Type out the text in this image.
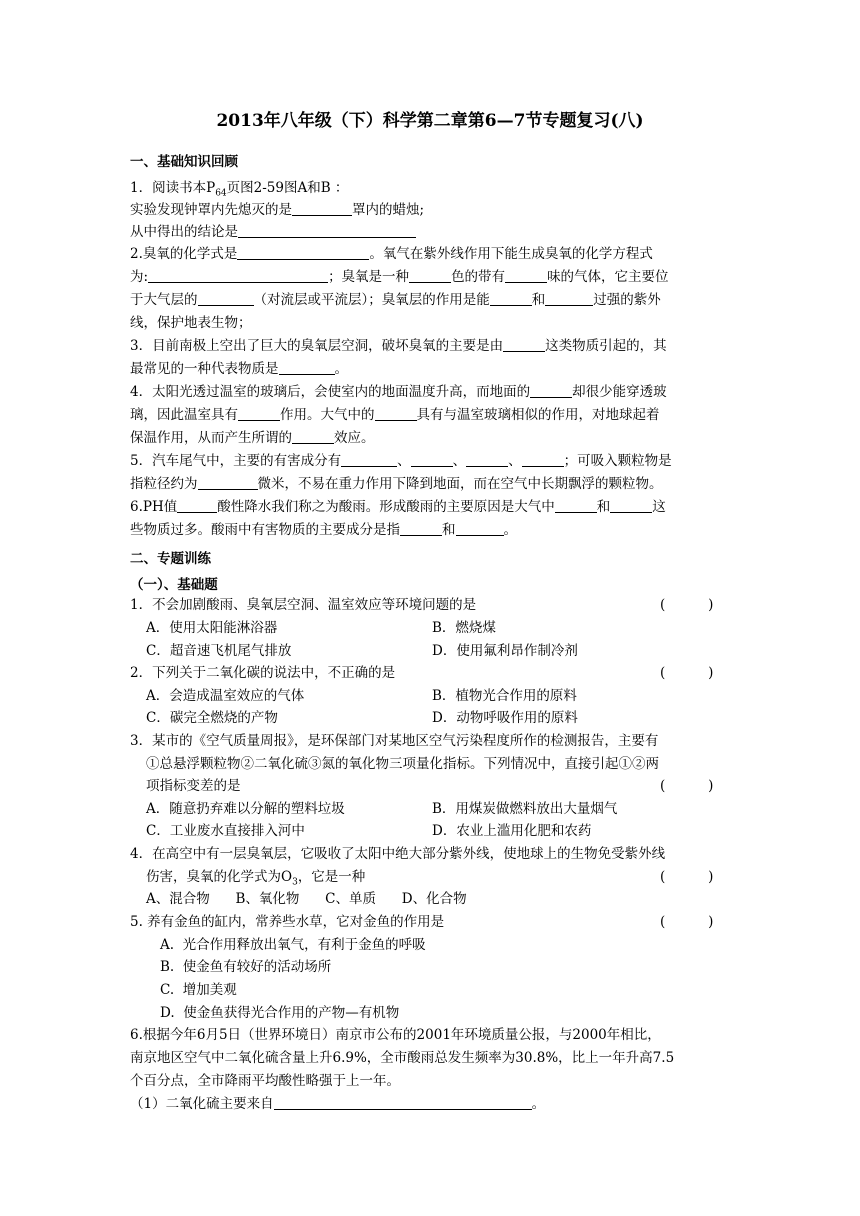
2013年八年级（下）科学第二章第6—7节专题复习(八)
一、基础知识回顾
1．阅读书本$P_{64}$页图2-59图A和B ：
实验发现钟罩内先熄灭的是	罩内的蜡烛;
从中得出的结论是
2.臭氧的化学式是	。氧气在紫外线作用下能生成臭氧的化学方程式
为:	；臭氧是一种	色的带有	味的气体，它主要位
于大气层的	（对流层或平流层）；臭氧层的作用是能	和	过强的紫外
线，保护地表生物；
3．目前南极上空出了巨大的臭氧层空洞，破坏臭氧的主要是由	这类物质引起的，其
最常见的一种代表物质是	。
4．太阳光透过温室的玻璃后，会使室内的地面温度升高，而地面的	却很少能穿透玻
璃，因此温室具有	作用。大气中的	具有与温室玻璃相似的作用，对地球起着
保温作用，从而产生所谓的	效应。
5．汽车尾气中，主要的有害成分有	、	、	、	；可吸入颗粒物是
指粒径约为	微米，不易在重力作用下降到地面，而在空气中长期飘浮的颗粒物。
6.PH值	酸性降水我们称之为酸雨。形成酸雨的主要原因是大气中	和	这
些物质过多。酸雨中有害物质的主要成分是指	和	。
二、专题训练
（一）、基础题
1．不会加剧酸雨、臭氧层空洞、温室效应等环境问题的是	(          )
A．使用太阳能淋浴器	B．燃烧煤
C．超音速飞机尾气排放	D．使用氟利昂作制冷剂
2．下列关于二氧化碳的说法中，不正确的是	(          )
A．会造成温室效应的气体	B．植物光合作用的原料
C．碳完全燃烧的产物	D．动物呼吸作用的原料
3．某市的《空气质量周报》，是环保部门对某地区空气污染程度所作的检测报告，主要有
①总悬浮颗粒物②二氧化硫③氮的氧化物三项量化指标。下列情况中，直接引起①②两
项指标变差的是	(          )
A．随意扔弃难以分解的塑料垃圾	B．用煤炭做燃料放出大量烟气
C．工业废水直接排入河中	D．农业上滥用化肥和农药
4．在高空中有一层臭氧层，它吸收了太阳中绝大部分紫外线，使地球上的生物免受紫外线
伤害，臭氧的化学式为$O_3$，它是一种	(          )
A、混合物      B、氧化物      C、单质      D、化合物
5. 养有金鱼的缸内，常养些水草，它对金鱼的作用是	(          )
A.  光合作用释放出氧气，有利于金鱼的呼吸
B.  使金鱼有较好的活动场所
C.  增加美观
D.  使金鱼获得光合作用的产物—有机物
6.根据今年6月5日（世界环境日）南京市公布的2001年环境质量公报，与2000年相比，
南京地区空气中二氧化硫含量上升6.9%，全市酸雨总发生频率为30.8%，比上一年升高7.5
个百分点，全市降雨平均酸性略强于上一年。
（1）二氧化硫主要来自	。
